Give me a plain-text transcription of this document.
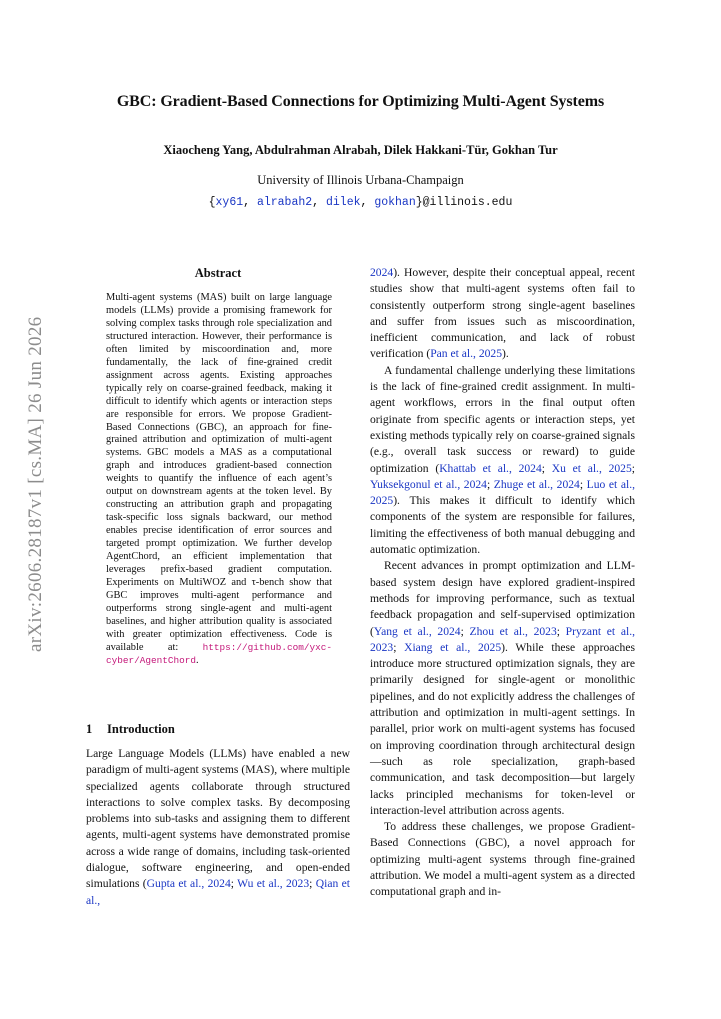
arXiv:2606.28187v1 [cs.MA] 26 Jun 2026
GBC: Gradient-Based Connections for Optimizing Multi-Agent Systems
Xiaocheng Yang, Abdulrahman Alrabah, Dilek Hakkani-Tür, Gokhan Tur
University of Illinois Urbana-Champaign
{xy61, alrabah2, dilek, gokhan}@illinois.edu
Abstract
Multi-agent systems (MAS) built on large language models (LLMs) provide a promising framework for solving complex tasks through role specialization and structured interaction. However, their performance is often limited by miscoordination and, more fundamentally, the lack of fine-grained credit assignment across agents. Existing approaches typically rely on coarse-grained feedback, making it difficult to identify which agents or interaction steps are responsible for errors. We propose Gradient-Based Connections (GBC), an approach for fine-grained attribution and optimization of multi-agent systems. GBC models a MAS as a computational graph and introduces gradient-based connection weights to quantify the influence of each agent’s output on downstream agents at the token level. By constructing an attribution graph and propagating task-specific loss signals backward, our method enables precise identification of error sources and targeted prompt optimization. We further develop AgentChord, an efficient implementation that leverages prefix-based gradient computation. Experiments on MultiWOZ and τ-bench show that GBC improves multi-agent performance and outperforms strong single-agent and multi-agent baselines, and higher attribution quality is associated with greater optimization effectiveness. Code is available at: https://github.com/yxc-cyber/AgentChord.
1 Introduction
Large Language Models (LLMs) have enabled a new paradigm of multi-agent systems (MAS), where multiple specialized agents collaborate through structured interactions to solve complex tasks. By decomposing problems into sub-tasks and assigning them to different agents, multi-agent systems have demonstrated promise across a wide range of domains, including task-oriented dialogue, software engineering, and open-ended simulations (Gupta et al., 2024; Wu et al., 2023; Qian et al.,

2024). However, despite their conceptual appeal, recent studies show that multi-agent systems often fail to consistently outperform strong single-agent baselines and suffer from issues such as miscoordination, inefficient communication, and lack of robust verification (Pan et al., 2025).

A fundamental challenge underlying these limitations is the lack of fine-grained credit assignment. In multi-agent workflows, errors in the final output often originate from specific agents or interaction steps, yet existing methods typically rely on coarse-grained signals (e.g., overall task success or reward) to guide optimization (Khattab et al., 2024; Xu et al., 2025; Yuksekgonul et al., 2024; Zhuge et al., 2024; Luo et al., 2025). This makes it difficult to identify which components of the system are responsible for failures, limiting the effectiveness of both manual debugging and automatic optimization.

Recent advances in prompt optimization and LLM-based system design have explored gradient-inspired methods for improving performance, such as textual feedback propagation and self-supervised optimization (Yang et al., 2024; Zhou et al., 2023; Pryzant et al., 2023; Xiang et al., 2025). While these approaches introduce more structured optimization signals, they are primarily designed for single-agent or monolithic pipelines, and do not explicitly address the challenges of attribution and optimization in multi-agent settings. In parallel, prior work on multi-agent systems has focused on improving coordination through architectural design—such as role specialization, graph-based communication, and task decomposition—but largely lacks principled mechanisms for token-level or interaction-level attribution across agents.

To address these challenges, we propose Gradient-Based Connections (GBC), a novel approach for optimizing multi-agent systems through fine-grained attribution. We model a multi-agent system as a directed computational graph and in-
